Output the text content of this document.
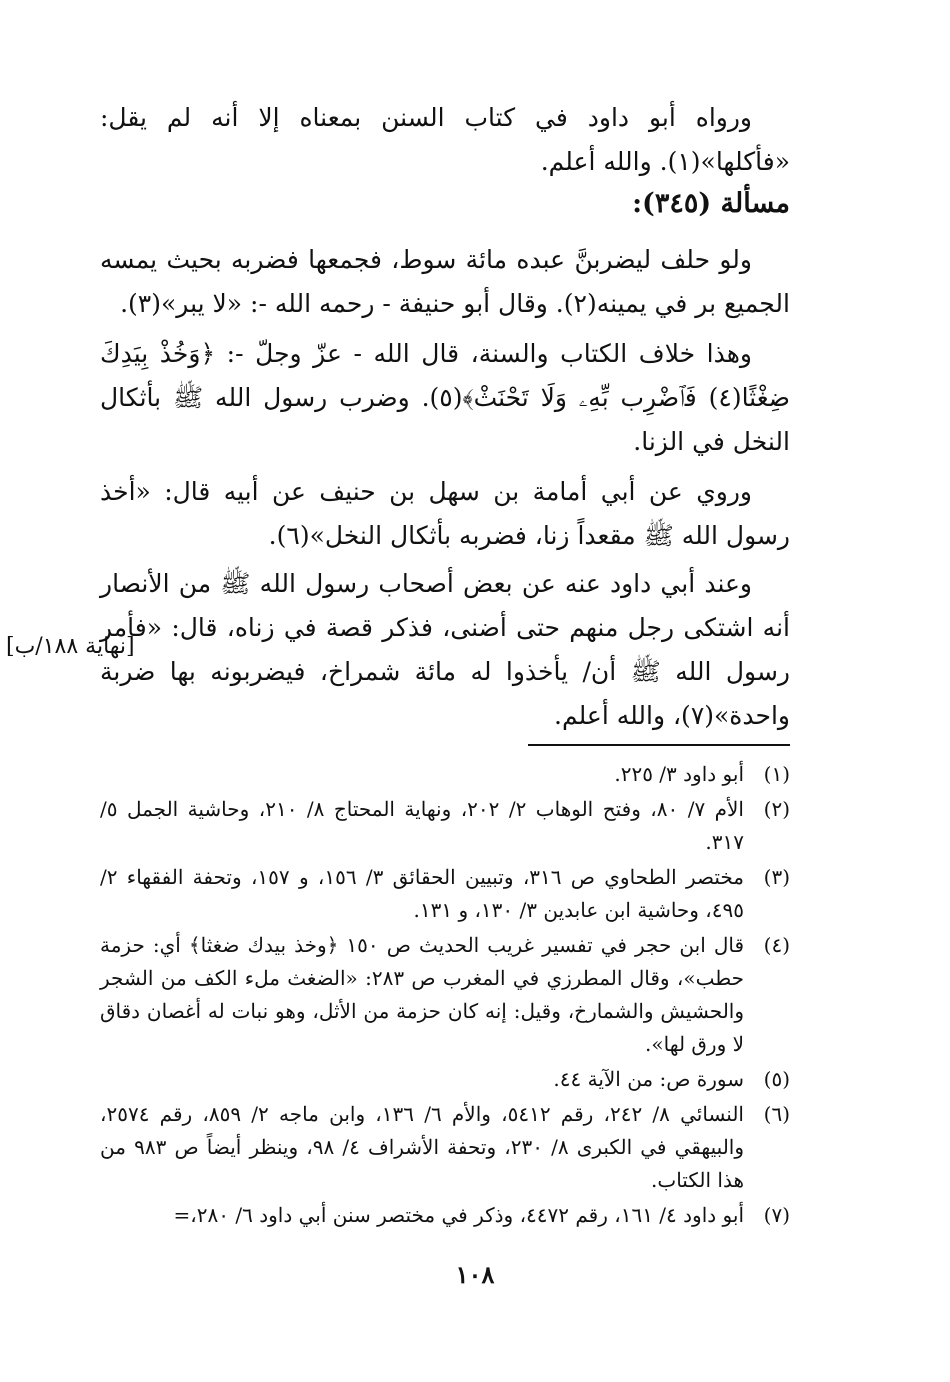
ورواه أبو داود في كتاب السنن بمعناه إلا أنه لم يقل: «فأكلها»(١). والله أعلم.

مسألة (٣٤٥):

ولو حلف ليضربنَّ عبده مائة سوط، فجمعها فضربه بحيث يمسه الجميع بر في يمينه(٢). وقال أبو حنيفة - رحمه الله -: «لا يبر»(٣).

وهذا خلاف الكتاب والسنة، قال الله - عزّ وجلّ -: ﴿وَخُذْ بِيَدِكَ ضِغْثًا(٤) فَٱضْرِب بِّهِۦ وَلَا تَحْنَثْ﴾(٥). وضرب رسول الله ﷺ بأثكال النخل في الزنا.

وروي عن أبي أمامة بن سهل بن حنيف عن أبيه قال: «أخذ رسول الله ﷺ مقعداً زنا، فضربه بأثكال النخل»(٦).

وعند أبي داود عنه عن بعض أصحاب رسول الله ﷺ من الأنصار أنه اشتكى رجل منهم حتى أضنى، فذكر قصة في زناه، قال: «فأمر رسول الله ﷺ أن/ يأخذوا له مائة شمراخ، فيضربونه بها ضربة واحدة»(٧)، والله أعلم.

[نهاية ١٨٨/ب]
(١)
أبو داود ٣/ ٢٢٥.
(٢)
الأم ٧/ ٨٠، وفتح الوهاب ٢/ ٢٠٢، ونهاية المحتاج ٨/ ٢١٠، وحاشية الجمل ٥/ ٣١٧.
(٣)
مختصر الطحاوي ص ٣١٦، وتبيين الحقائق ٣/ ١٥٦، و ١٥٧، وتحفة الفقهاء ٢/ ٤٩٥، وحاشية ابن عابدين ٣/ ١٣٠، و ١٣١.
(٤)
قال ابن حجر في تفسير غريب الحديث ص ١٥٠ ﴿وخذ بيدك ضغثا﴾ أي: حزمة حطب»، وقال المطرزي في المغرب ص ٢٨٣: «الضغث ملء الكف من الشجر والحشيش والشمارخ، وقيل: إنه كان حزمة من الأثل، وهو نبات له أغصان دقاق لا ورق لها».
(٥)
سورة ص: من الآية ٤٤.
(٦)
النسائي ٨/ ٢٤٢، رقم ٥٤١٢، والأم ٦/ ١٣٦، وابن ماجه ٢/ ٨٥٩، رقم ٢٥٧٤، والبيهقي في الكبرى ٨/ ٢٣٠، وتحفة الأشراف ٤/ ٩٨، وينظر أيضاً ص ٩٨٣ من هذا الكتاب.
(٧)
أبو داود ٤/ ١٦١، رقم ٤٤٧٢، وذكر في مختصر سنن أبي داود ٦/ ٢٨٠،=
١٠٨
